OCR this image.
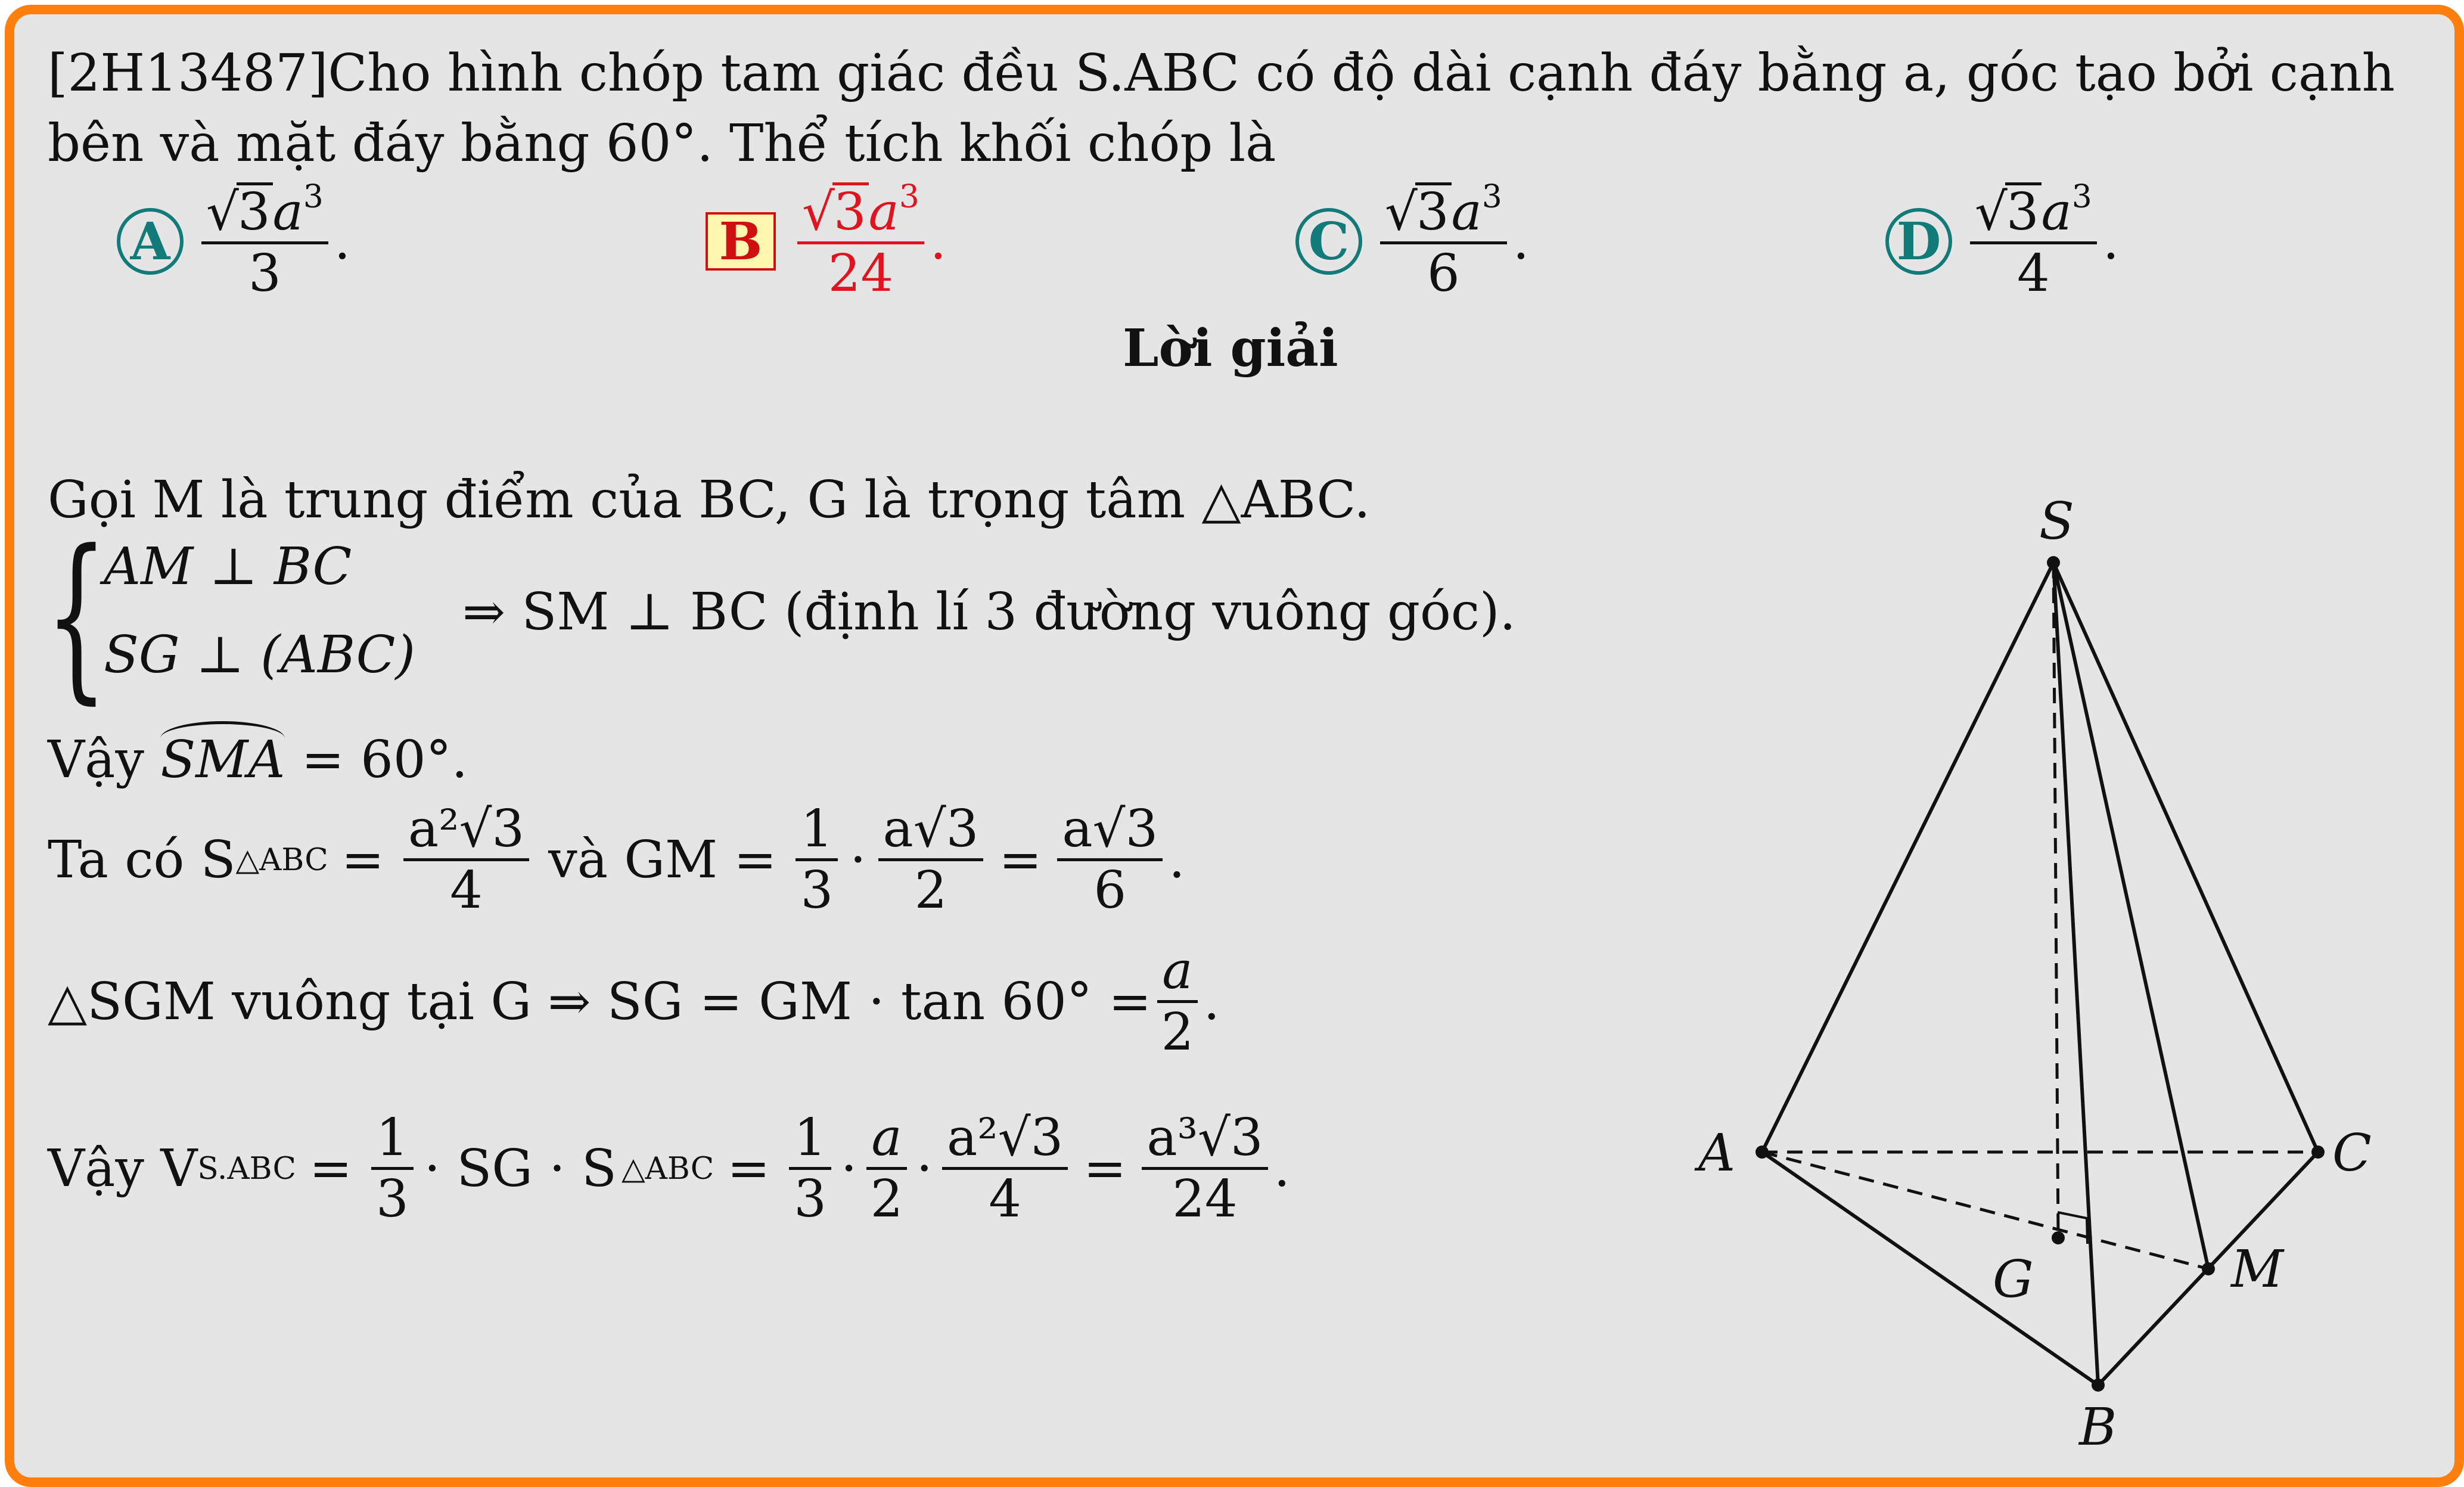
[2H13487]Cho hình chóp tam giác đều S.ABC có độ dài cạnh đáy bằng a, góc tạo bởi cạnh
bên và mặt đáy bằng 60°. Thể tích khối chóp là
A $√3a^3$
3
.	B $√3a^3$
24
.	C $√3a^3$
6
.	D $√3a^3$
4
.
Lời giải
Gọi M là trung điểm của BC, G là trọng tâm △ABC.
{
AM ⊥ BC
SG ⊥ (ABC)
⇒ SM ⊥ BC (định lí 3 đường vuông góc).
Vậy SMA = 60°.
Ta có S △ABC =
a²√3
4
và GM =
1
3
·
a√3
2
=
a√3
6
.
△SGM vuông tại G ⇒ SG = GM · tan 60° =
a
2
.
Vậy V S.ABC =
1
3
· SG · S △ABC =
1
3
·
a
2
·
a²√3
4
=
a³√3
24
.
S
A	C
B
M
G
